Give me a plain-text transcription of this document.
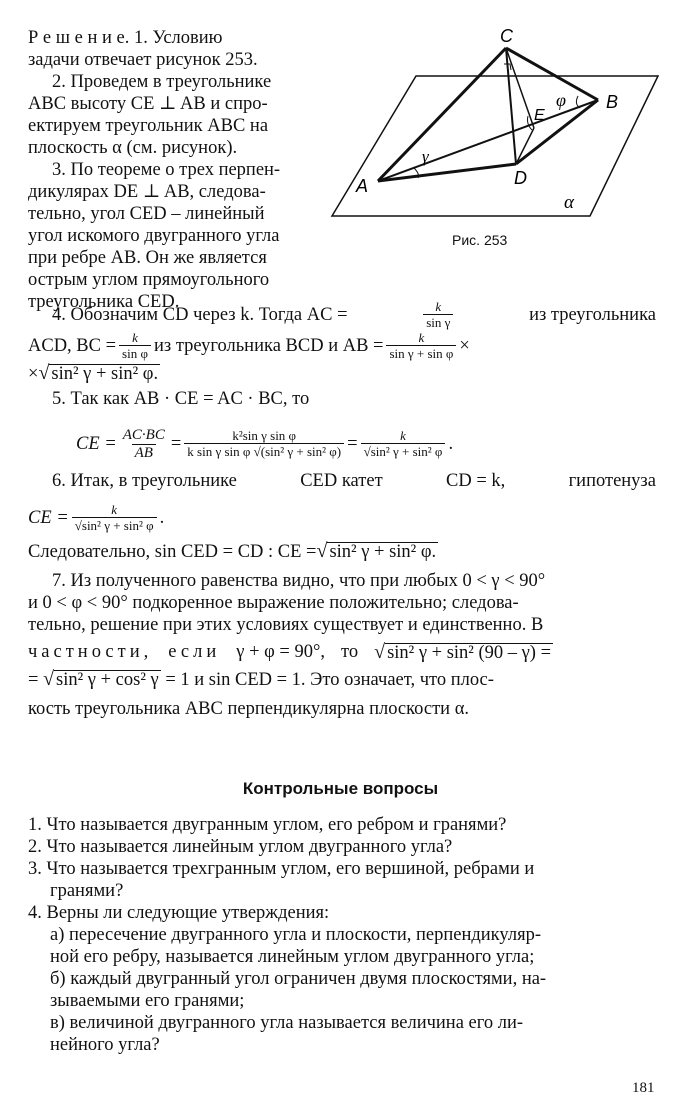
Р е ш е н и е. 1. Условию
задачи отвечает рисунок 253.
2. Проведем в треугольнике
ABC высоту CE ⊥ AB и спро-
ектируем треугольник ABC на
плоскость α (см. рисунок).
3. По теореме о трех перпен-
дикулярах DE ⊥ AB, следова-
тельно, угол CED – линейный
угол искомого двугранного угла
при ребре AB. Он же является
острым углом прямоугольного
треугольника CED.
C
A
B
D
E
γ
φ
α
Рис. 253
4. Обозначим CD через k. Тогда AC =	$\frac{k}{\text{sin γ}}$	из треугольника
ACD, BC = $\frac{k}{\text{sin φ}}$ из треугольника BCD и AB = $\frac{k}{\text{sin γ + sin φ}}$ ×
×√ sin² γ + sin² φ.
5. Так как AB · CE = AC · BC, то
CE = $\frac{AC\cdot BC}{AB} = \frac{\text{k²sin γ sin φ}}{\text{k sin γ sin φ √(sin² γ + sin² φ)}} = \frac{k}{\text{√sin² γ + sin² φ}}$ .
6. Итак, в треугольнике	CED катет	CD = k,	гипотенуза
CE = $\frac{k}{\text{√sin² γ + sin² φ}}$ .
Следовательно, sin CED = CD : CE =√ sin² γ + sin² φ.
7. Из полученного равенства видно, что при любых 0 < γ < 90°
и 0 < φ < 90° подкоренное выражение положительно; следова-
тельно, решение при этих условиях существует и единственно. В
частности, если γ + φ = 90°, то √ sin² γ + sin² (90 – γ) =
= √ sin² γ + cos² γ = 1 и sin CED = 1. Это означает, что плос-
кость треугольника ABC перпендикулярна плоскости α.
Контрольные вопросы
1. Что называется двугранным углом, его ребром и гранями?
2. Что называется линейным углом двугранного угла?
3. Что называется трехгранным углом, его вершиной, ребрами и
гранями?
4. Верны ли следующие утверждения:
а) пересечение двугранного угла и плоскости, перпендикуляр-
ной его ребру, называется линейным углом двугранного угла;
б) каждый двугранный угол ограничен двумя плоскостями, на-
зываемыми его гранями;
в) величиной двугранного угла называется величина его ли-
нейного угла?
181
